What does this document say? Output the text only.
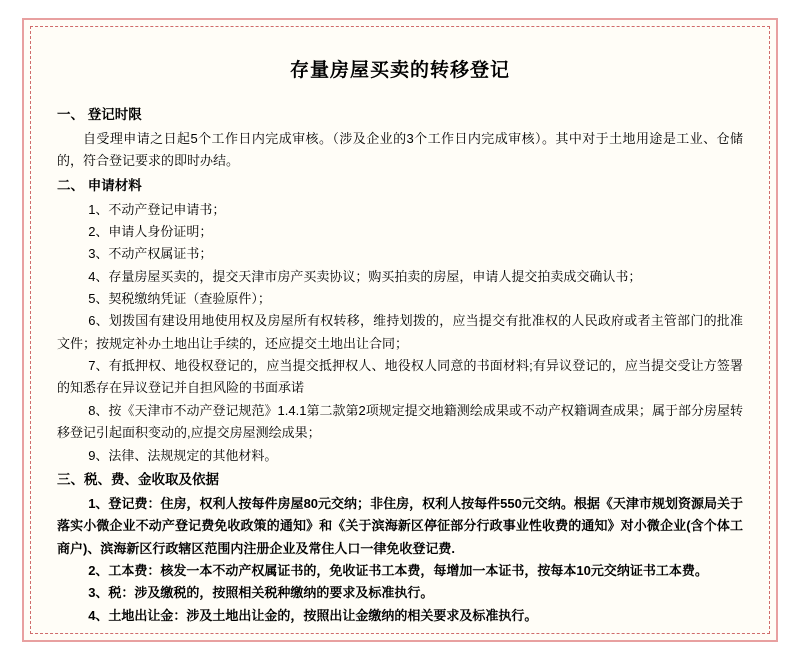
存量房屋买卖的转移登记
一、 登记时限

自受理申请之日起5个工作日内完成审核。（涉及企业的3个工作日内完成审核）。其中对于土地用途是工业、仓储的，符合登记要求的即时办结。

二、 申请材料

1、不动产登记申请书；

2、申请人身份证明；

3、不动产权属证书；

4、存量房屋买卖的，提交天津市房产买卖协议；购买拍卖的房屋，申请人提交拍卖成交确认书；

5、契税缴纳凭证（查验原件）；

6、划拨国有建设用地使用权及房屋所有权转移，维持划拨的，应当提交有批准权的人民政府或者主管部门的批准文件；按规定补办土地出让手续的，还应提交土地出让合同；

7、有抵押权、地役权登记的，应当提交抵押权人、地役权人同意的书面材料;有异议登记的，应当提交受让方签署的知悉存在异议登记并自担风险的书面承诺

8、按《天津市不动产登记规范》1.4.1第二款第2项规定提交地籍测绘成果或不动产权籍调查成果；属于部分房屋转移登记引起面积变动的,应提交房屋测绘成果；

9、法律、法规规定的其他材料。

三、税、费、金收取及依据

1、登记费：住房，权利人按每件房屋80元交纳；非住房，权利人按每件550元交纳。根据《天津市规划资源局关于落实小微企业不动产登记费免收政策的通知》和《关于滨海新区停征部分行政事业性收费的通知》对小微企业(含个体工商户)、滨海新区行政辖区范围内注册企业及常住人口一律免收登记费.

2、工本费：核发一本不动产权属证书的，免收证书工本费，每增加一本证书，按每本10元交纳证书工本费。

3、税：涉及缴税的，按照相关税种缴纳的要求及标准执行。

4、土地出让金：涉及土地出让金的，按照出让金缴纳的相关要求及标准执行。
